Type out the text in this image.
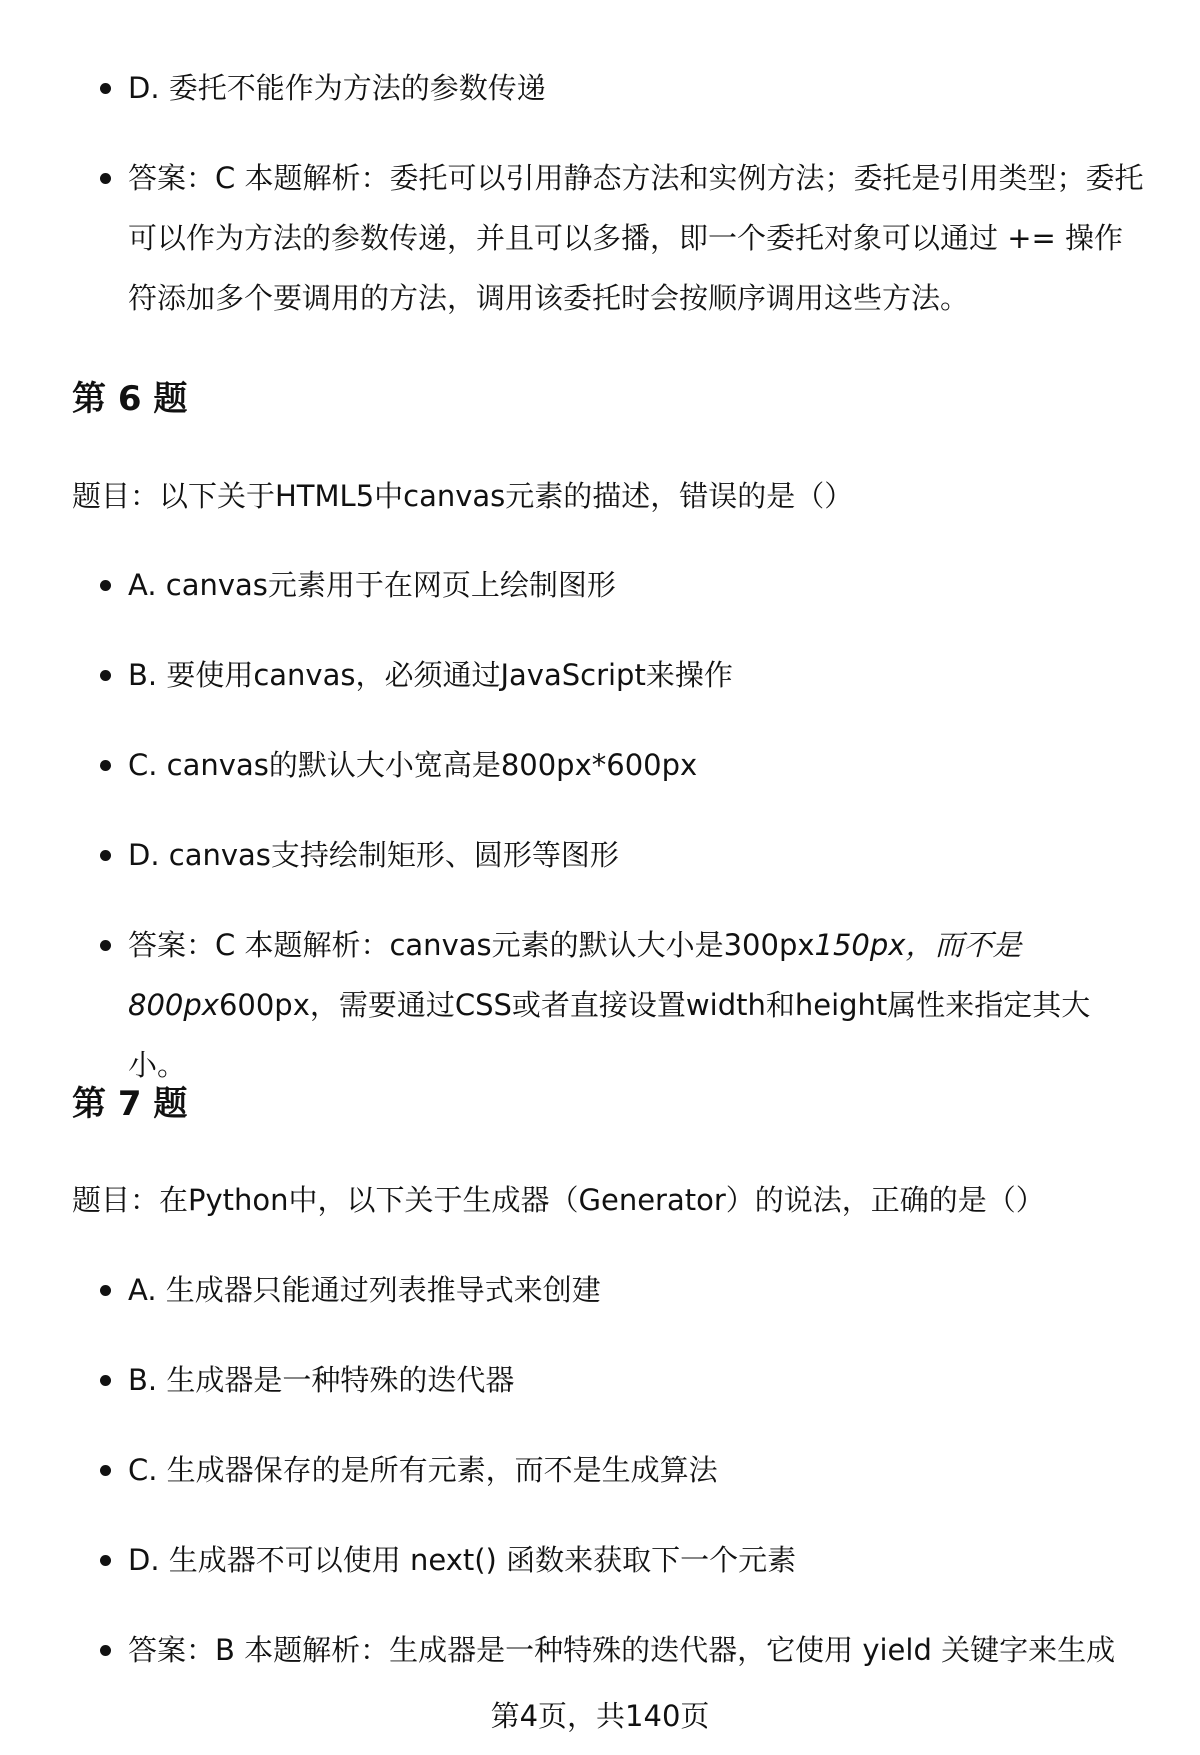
D. 委托不能作为方法的参数传递
答案：C 本题解析：委托可以引用静态方法和实例方法；委托是引用类型；委托可以作为方法的参数传递，并且可以多播，即一个委托对象可以通过 += 操作符添加多个要调用的方法，调用该委托时会按顺序调用这些方法。
第 6 题
题目：以下关于HTML5中canvas元素的描述，错误的是（）
A. canvas元素用于在网页上绘制图形
B. 要使用canvas，必须通过JavaScript来操作
C. canvas的默认大小宽高是800px*600px
D. canvas支持绘制矩形、圆形等图形
答案：C 本题解析：canvas元素的默认大小是300px150px，而不是800px600px，需要通过CSS或者直接设置width和height属性来指定其大小。
第 7 题
题目：在Python中，以下关于生成器（Generator）的说法，正确的是（）
A. 生成器只能通过列表推导式来创建
B. 生成器是一种特殊的迭代器
C. 生成器保存的是所有元素，而不是生成算法
D. 生成器不可以使用 next() 函数来获取下一个元素
答案：B 本题解析：生成器是一种特殊的迭代器，它使用 yield 关键字来生成
第4页，共140页
